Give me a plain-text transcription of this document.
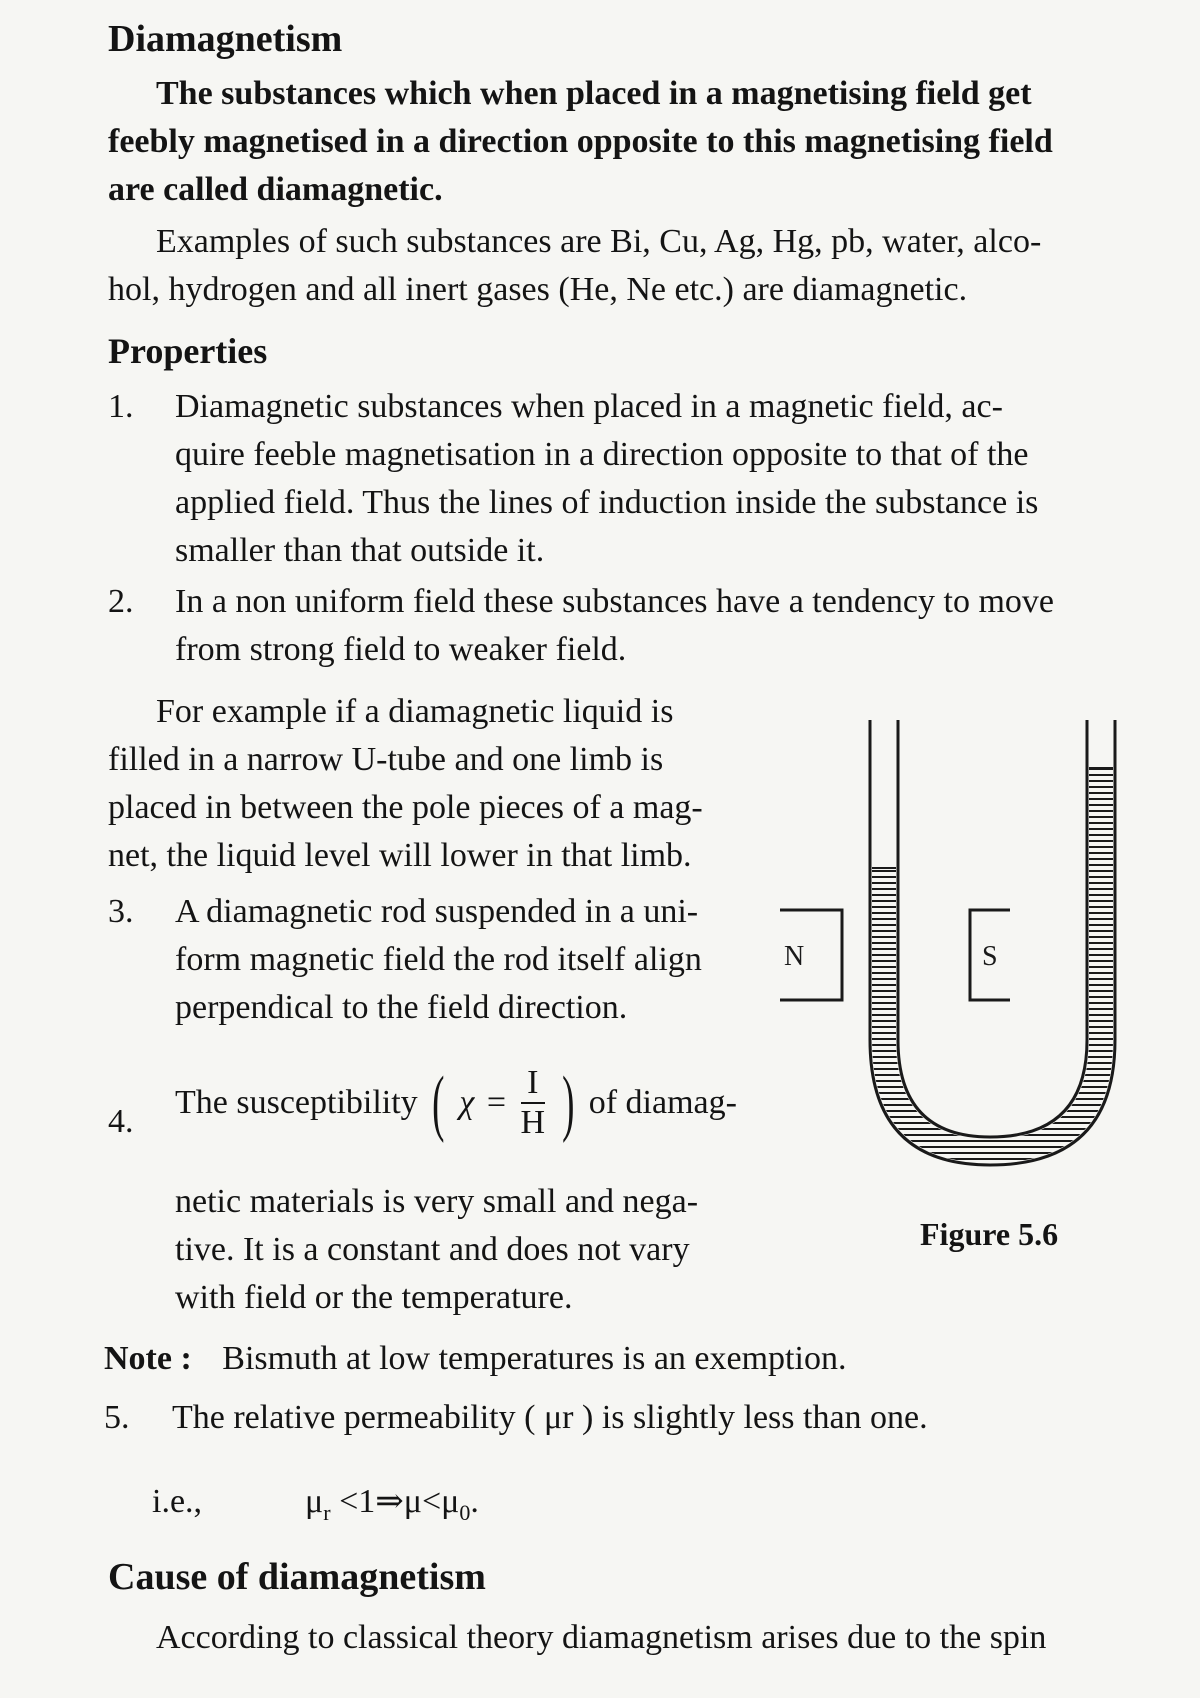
Diamagnetism
The substances which when placed in a magnetising field get
feebly magnetised in a direction opposite to this magnetising field
are called diamagnetic.
Examples of such substances are Bi, Cu, Ag, Hg, pb, water, alco-
hol, hydrogen and all inert gases (He, Ne etc.) are diamagnetic.
Properties
1.	Diamagnetic substances when placed in a magnetic field, ac-
quire feeble magnetisation in a direction opposite to that of the
applied field. Thus the lines of induction inside the substance is
smaller than that outside it.
2.	In a non uniform field these substances have a tendency to move
from strong field to weaker field.
For example if a diamagnetic liquid is
filled in a narrow U-tube and one limb is
placed in between the pole pieces of a mag-
net, the liquid level will lower in that limb.
3.	A diamagnetic rod suspended in a uni-
form magnetic field the rod itself align
perpendical to the field direction.
4.
The susceptibility ( $\chi = \frac{I}{H}$ ) of diamag-
netic materials is very small and nega-
tive. It is a constant and does not vary
with field or the temperature.
Note : Bismuth at low temperatures is an exemption.
5.	The relative permeability ( μr ) is slightly less than one.
i.e.,	$\mu_r$ $<1\Rightarrow\mu<\mu_0$.
Cause of diamagnetism
According to classical theory diamagnetism arises due to the spin
N	S
Figure 5.6
